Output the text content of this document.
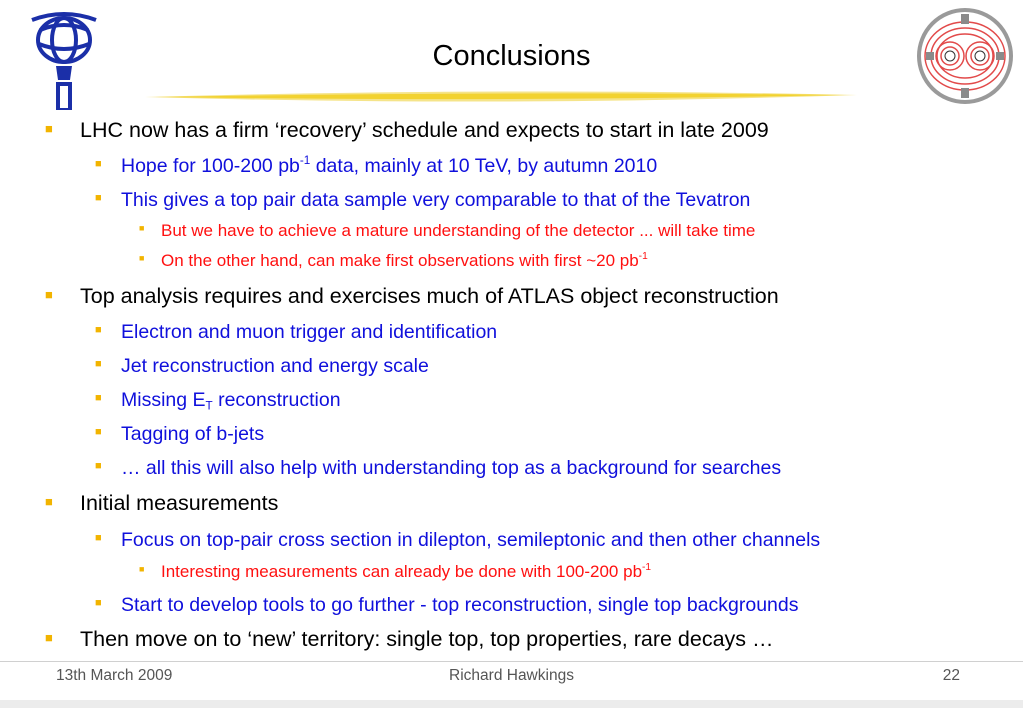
Conclusions
■ LHC now has a firm ‘recovery’ schedule and expects to start in late 2009
■ Hope for 100-200 $pb^{-1}$ data, mainly at 10 TeV, by autumn 2010
■ This gives a top pair data sample very comparable to that of the Tevatron
■ But we have to achieve a mature understanding of the detector ... will take time
■ On the other hand, can make first observations with first ~20 $pb^{-1}$
■ Top analysis requires and exercises much of ATLAS object reconstruction
■ Electron and muon trigger and identification
■ Jet reconstruction and energy scale
■ Missing $E_T$ reconstruction
■ Tagging of b-jets
■ … all this will also help with understanding top as a background for searches
■ Initial measurements
■ Focus on top-pair cross section in dilepton, semileptonic and then other channels
■ Interesting measurements can already be done with 100-200 $pb^{-1}$
■ Start to develop tools to go further - top reconstruction, single top backgrounds
■ Then move on to ‘new’ territory: single top, top properties, rare decays …
13th March 2009	Richard Hawkings	22
